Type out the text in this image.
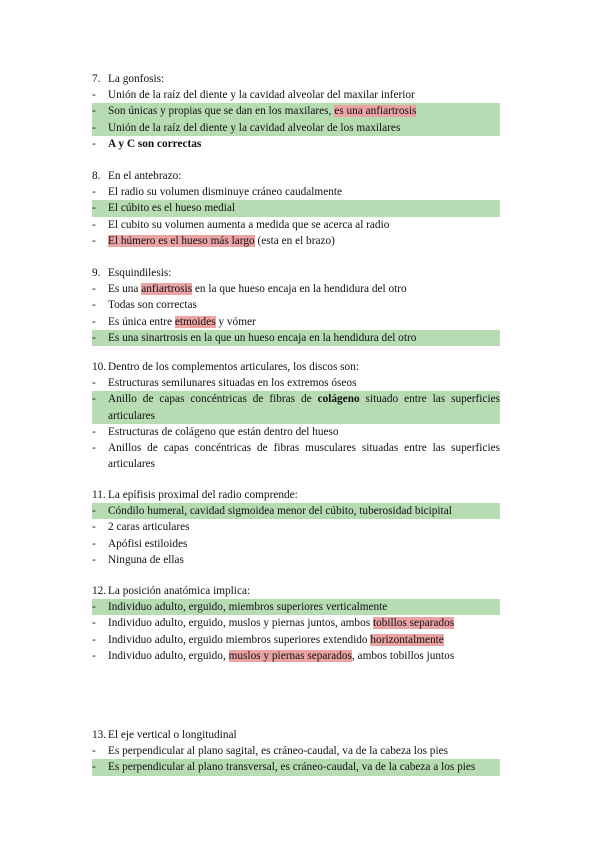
7. La gonfosis:
-	Unión de la raíz del diente y la cavidad alveolar del maxilar inferior
-	Son únicas y propias que se dan en los maxilares, es una anfiartrosis
-	Unión de la raíz del diente y la cavidad alveolar de los maxilares
-	A y C son correctas
8. En el antebrazo:
-	El radio su volumen disminuye cráneo caudalmente
-	El cúbito es el hueso medial
-	El cubito su volumen aumenta a medida que se acerca al radio
-	El húmero es el hueso más largo (esta en el brazo)
9. Esquindilesis:
-	Es una anfiartrosis en la que hueso encaja en la hendidura del otro
-	Todas son correctas
-	Es única entre etmoides y vómer
-	Es una sinartrosis en la que un hueso encaja en la hendidura del otro
10. Dentro de los complementos articulares, los discos son:
-	Estructuras semilunares situadas en los extremos óseos
-	Anillo de capas concéntricas de fibras de colágeno situado entre las superficies articulares
-	Estructuras de colágeno que están dentro del hueso
-	Anillos de capas concéntricas de fibras musculares situadas entre las superficies articulares
11. La epífisis proximal del radio comprende:
-	Cóndilo humeral, cavidad sigmoidea menor del cúbito, tuberosidad bicipital
-	2 caras articulares
-	Apófisi estiloides
-	Ninguna de ellas
12. La posición anatómica implica:
-	Individuo adulto, erguido, miembros superiores verticalmente
-	Individuo adulto, erguido, muslos y piernas juntos, ambos tobillos separados
-	Individuo adulto, erguido miembros superiores extendido horizontalmente
-	Individuo adulto, erguido, muslos y piernas separados, ambos tobillos juntos
13. El eje vertical o longitudinal
-	Es perpendicular al plano sagital, es cráneo-caudal, va de la cabeza los pies
-	Es perpendicular al plano transversal, es cráneo-caudal, va de la cabeza a los pies
